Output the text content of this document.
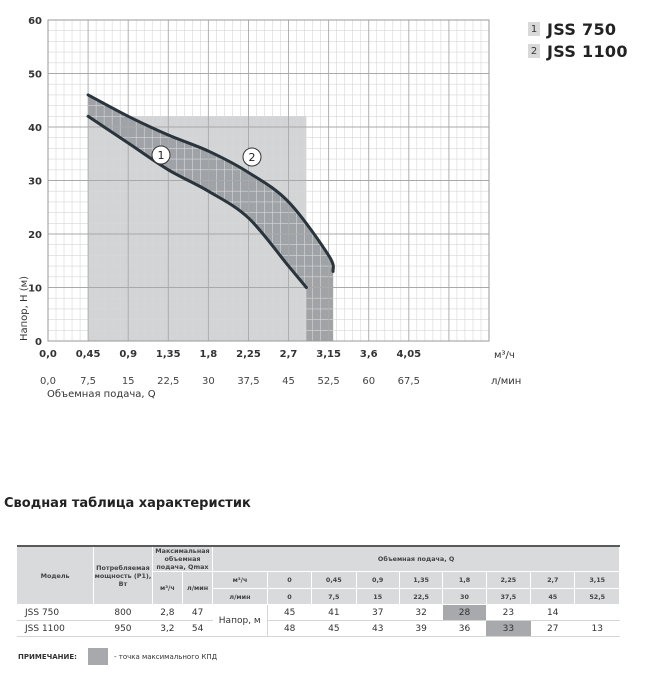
1	2
0
10
20
30
40
50
60
0,0 0,45 0,9 1,35 1,8 2,25 2,7 3,15 3,6 4,05
0,0 7,5	15 22,5 30 37,5 45 52,5 60 67,5
м³/ч
л/мин
Объемная подача, Q
Напор, Н (м)
1 JSS 750
2 JSS 1100
Сводная таблица характеристик
Модель	Потребляемая мощность (P1), Вт	Максимальная объемная подача, Qmax		Объемная подача, Q								
		м³/ч	л/мин	м³/ч	0	0,45	0,9	1,35	1,8	2,25	2,7	3,15
				л/мин	0	7,5	15	22,5	30	37,5	45	52,5
JSS 750	800	2,8	47	Напор, м	45	41	37	32	28	23	14	
JSS 1100	950	3,2	54		48	45	43	39	36	33	27	13
ПРИМЕЧАНИЕ:	- точка максимального КПД
